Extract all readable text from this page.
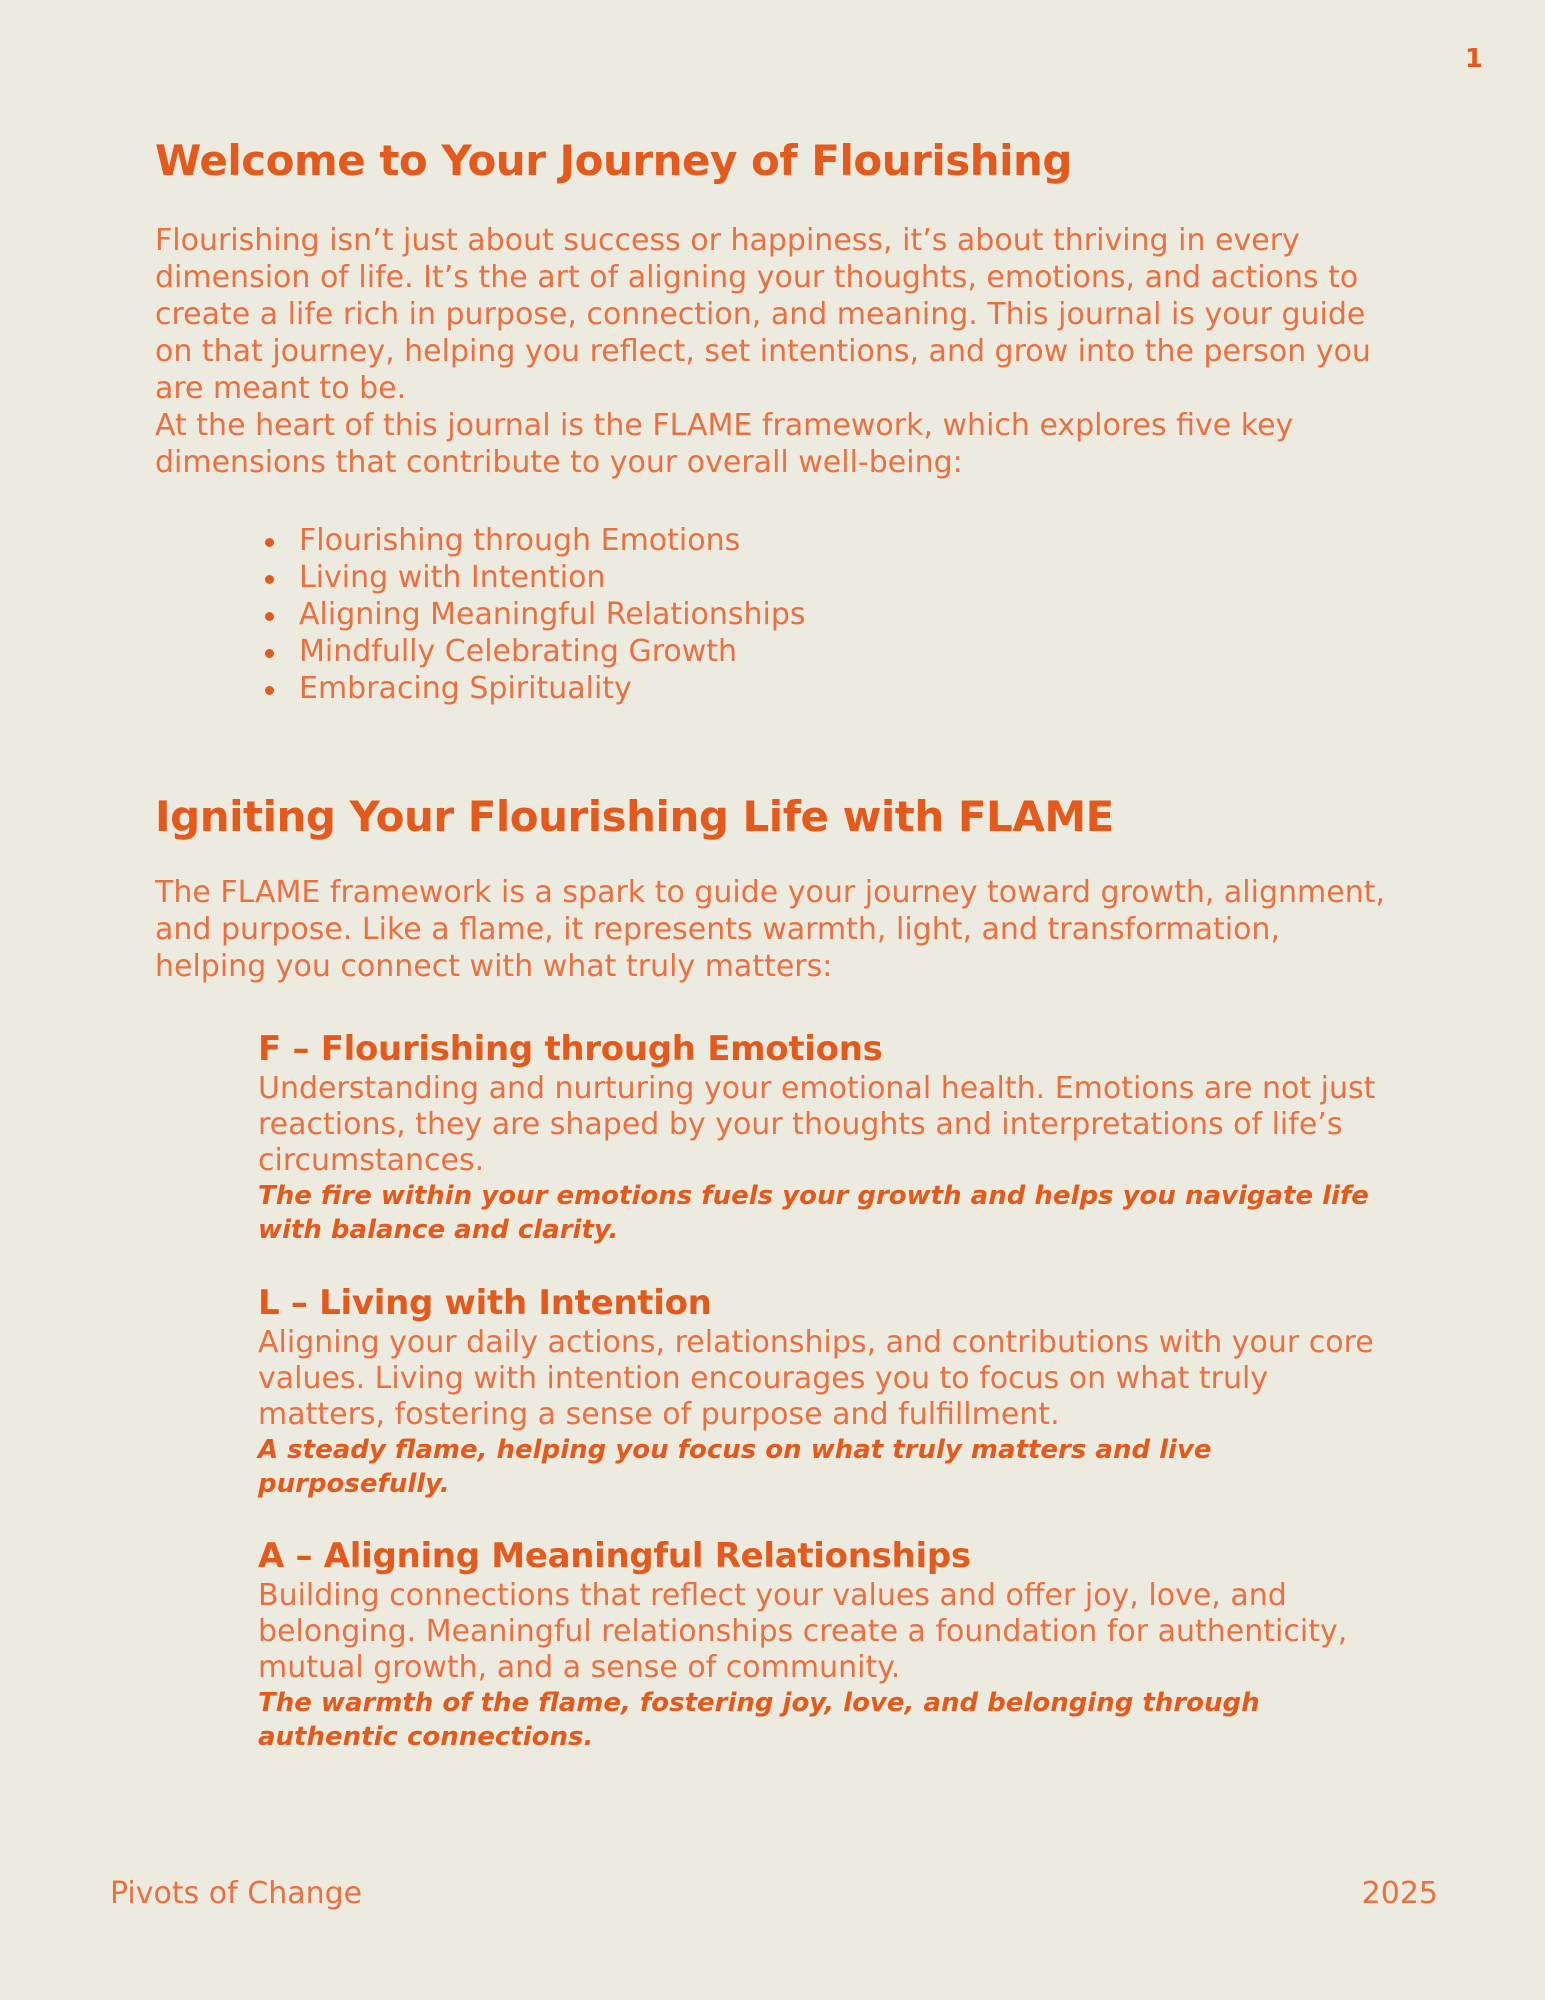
1
Welcome to Your Journey of Flourishing

Flourishing isn’t just about success or happiness, it’s about thriving in every dimension of life. It’s the art of aligning your thoughts, emotions, and actions to create a life rich in purpose, connection, and meaning. This journal is your guide on that journey, helping you reflect, set intentions, and grow into the person you are meant to be.

At the heart of this journal is the FLAME framework, which explores five key dimensions that contribute to your overall well-being:

Flourishing through Emotions
Living with Intention
Aligning Meaningful Relationships
Mindfully Celebrating Growth
Embracing Spirituality
Igniting Your Flourishing Life with FLAME

The FLAME framework is a spark to guide your journey toward growth, alignment, and purpose. Like a flame, it represents warmth, light, and transformation, helping you connect with what truly matters:

F – Flourishing through Emotions

Understanding and nurturing your emotional health. Emotions are not just reactions, they are shaped by your thoughts and interpretations of life’s circumstances.

The fire within your emotions fuels your growth and helps you navigate life with balance and clarity.

L – Living with Intention

Aligning your daily actions, relationships, and contributions with your core values. Living with intention encourages you to focus on what truly matters, fostering a sense of purpose and fulfillment.

A steady flame, helping you focus on what truly matters and live purposefully.

A – Aligning Meaningful Relationships

Building connections that reflect your values and offer joy, love, and belonging. Meaningful relationships create a foundation for authenticity, mutual growth, and a sense of community.

The warmth of the flame, fostering joy, love, and belonging through authentic connections.

Pivots of Change	2025
